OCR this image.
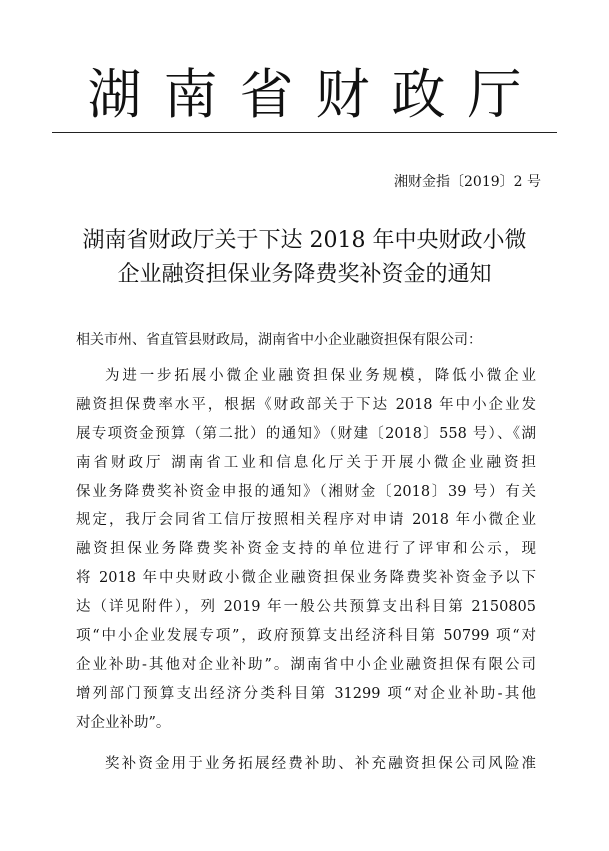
湖南省财政厅
湘财金指〔2019〕2 号
湖南省财政厅关于下达 2018 年中央财政小微
企业融资担保业务降费奖补资金的通知
相关市州、省直管县财政局，湖南省中小企业融资担保有限公司：
为进一步拓展小微企业融资担保业务规模，降低小微企业
融资担保费率水平，根据《财政部关于下达 2018 年中小企业发
展专项资金预算（第二批）的通知》（财建〔2018〕558 号）、《湖
南省财政厅 湖南省工业和信息化厅关于开展小微企业融资担
保业务降费奖补资金申报的通知》（湘财金〔2018〕39 号）有关
规定，我厅会同省工信厅按照相关程序对申请 2018 年小微企业
融资担保业务降费奖补资金支持的单位进行了评审和公示，现
将 2018 年中央财政小微企业融资担保业务降费奖补资金予以下
达（详见附件），列 2019 年一般公共预算支出科目第 2150805
项“中小企业发展专项”，政府预算支出经济科目第 50799 项“对
企业补助-其他对企业补助”。湖南省中小企业融资担保有限公司
增列部门预算支出经济分类科目第 31299 项“对企业补助-其他
对企业补助”。
奖补资金用于业务拓展经费补助、补充融资担保公司风险准
